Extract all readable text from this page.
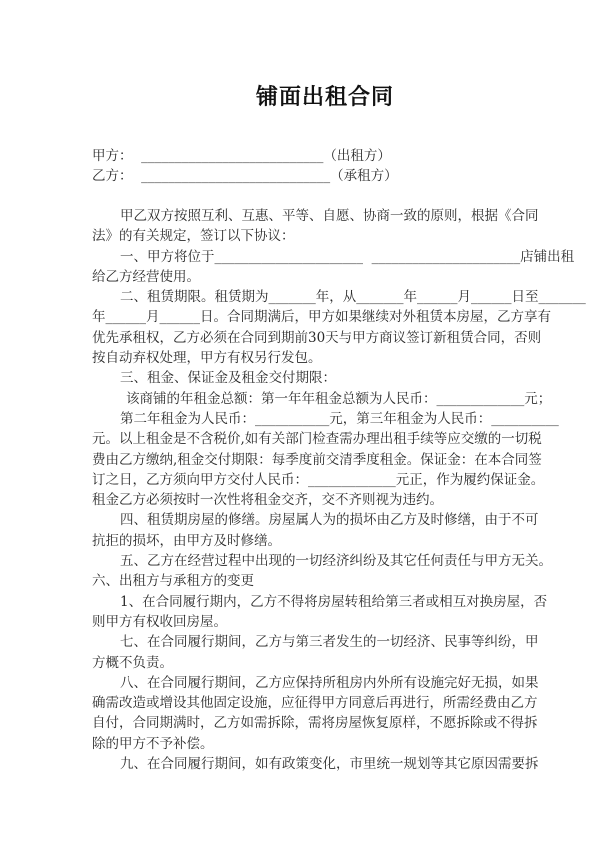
铺面出租合同
甲方：  ___________________________（出租方）
乙方：  ____________________________（承租方）
甲乙双方按照互利、互惠、平等、自愿、协商一致的原则，根据《合同
法》的有关规定，签订以下协议：
一、甲方将位于______________________  ______________________店铺出租
给乙方经营使用。
二、租赁期限。租赁期为_______年，从_______年______月______日至_______
年______月______日。合同期满后，甲方如果继续对外租赁本房屋，乙方享有
优先承租权，乙方必须在合同到期前30天与甲方商议签订新租赁合同，否则
按自动弃权处理，甲方有权另行发包。
三、租金、保证金及租金交付期限：
该商铺的年租金总额：第一年年租金总额为人民币：_____________元；
第二年租金为人民币：___________元，第三年租金为人民币：__________
元。以上租金是不含税价,如有关部门检查需办理出租手续等应交缴的一切税
费由乙方缴纳,租金交付期限：每季度前交清季度租金。保证金：在本合同签
订之日，乙方须向甲方交付人民币：_____________元正，作为履约保证金。
租金乙方必须按时一次性将租金交齐，交不齐则视为违约。
四、租赁期房屋的修缮。房屋属人为的损坏由乙方及时修缮，由于不可
抗拒的损坏，由甲方及时修缮。
五、乙方在经营过程中出现的一切经济纠纷及其它任何责任与甲方无关。
六、出租方与承租方的变更
1、在合同履行期内，乙方不得将房屋转租给第三者或相互对换房屋，否
则甲方有权收回房屋。
七、在合同履行期间，乙方与第三者发生的一切经济、民事等纠纷，甲
方概不负责。
八、在合同履行期间，乙方应保持所租房内外所有设施完好无损，如果
确需改造或增设其他固定设施，应征得甲方同意后再进行，所需经费由乙方
自付，合同期满时，乙方如需拆除，需将房屋恢复原样，不愿拆除或不得拆
除的甲方不予补偿。
九、在合同履行期间，如有政策变化，市里统一规划等其它原因需要拆
